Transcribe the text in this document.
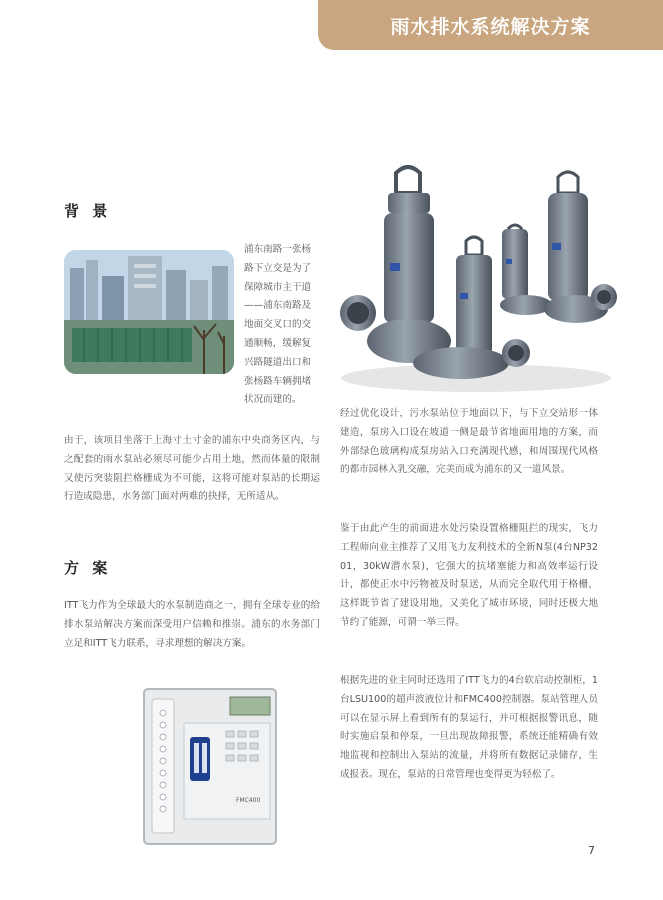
雨水排水系统解决方案
背 景
浦东南路一张杨
路下立交是为了
保障城市主干道
——浦东南路及
地面交叉口的交
通顺畅，缓解复
兴路隧道出口和
张杨路车辆拥堵
状况而建的。
由于，该项目坐落于上海寸土寸金的浦东中央商务区内，与之配套的雨水泵站必须尽可能少占用土地，然而体量的限制又使污突装阻拦格栅成为不可能，这将可能对泵站的长期运行造成隐患，水务部门面对两难的抉择，无所适从。
方 案
ITT飞力作为全球最大的水泵制造商之一，拥有全球专业的给排水泵站解决方案而深受用户信赖和推崇。浦东的水务部门立足和ITT飞力联系，寻求理想的解决方案。
经过优化设计，污水泵站位于地面以下，与下立交站形一体建造，泵房入口设在坡道一侧是最节省地面用地的方案，而外部绿色玻璃构成泵房站入口充满现代感，和周围现代风格的都市园林入乳交融，完美而成为浦东的又一道风景。
鉴于由此产生的前面进水处污染设置格栅阻拦的现实，飞力工程师向业主推荐了又用飞力友利技术的全新N泵(4台NP3201，30kW潜水泵)，它强大的抗堵塞能力和高效率运行设计，都使正水中污物被及时泵送，从而完全取代用于格栅，这样既节省了建设用地，又美化了城市环境，同时还极大地节约了能源，可谓一举三得。
根据先进的业主同时还选用了ITT飞力的4台软启动控制柜，1台LSU100的超声波液位计和FMC400控制器。泵站管理人员可以在显示屏上看到所有的泵运行，并可根据报警讯息，随时实施启泵和停泵，一旦出现故障报警，系统还能精确有效地监视和控制出入泵站的流量，并将所有数据记录储存，生成报表。现在，泵站的日常管理也变得更为轻松了。
FMC400
7
